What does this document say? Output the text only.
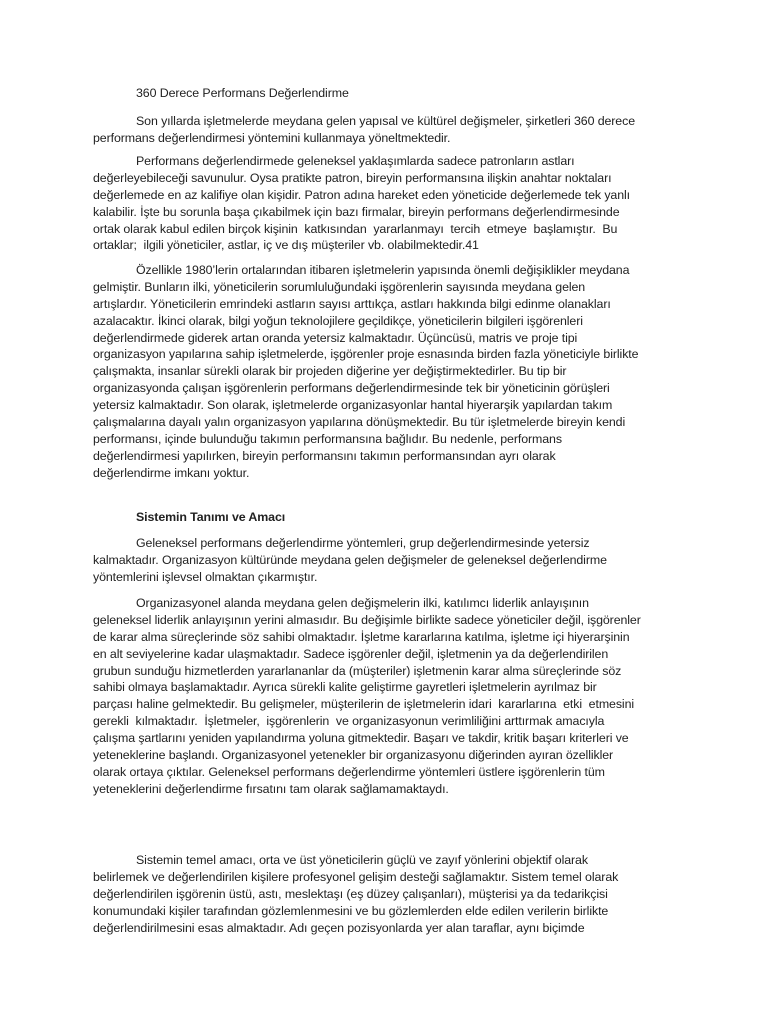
360 Derece Performans Değerlendirme
Son yıllarda işletmelerde meydana gelen yapısal ve kültürel değişmeler, şirketleri 360 derece
performans değerlendirmesi yöntemini kullanmaya yöneltmektedir.
Performans değerlendirmede geleneksel yaklaşımlarda sadece patronların astları
değerleyebileceği savunulur. Oysa pratikte patron, bireyin performansına ilişkin anahtar noktaları
değerlemede en az kalifiye olan kişidir. Patron adına hareket eden yöneticide değerlemede tek yanlı
kalabilir. İşte bu sorunla başa çıkabilmek için bazı firmalar, bireyin performans değerlendirmesinde
ortak olarak kabul edilen birçok kişinin  katkısından  yararlanmayı  tercih  etmeye  başlamıştır.  Bu
ortaklar;  ilgili yöneticiler, astlar, iç ve dış müşteriler vb. olabilmektedir.41
Özellikle 1980’lerin ortalarından itibaren işletmelerin yapısında önemli değişiklikler meydana
gelmiştir. Bunların ilki, yöneticilerin sorumluluğundaki işgörenlerin sayısında meydana gelen
artışlardır. Yöneticilerin emrindeki astların sayısı arttıkça, astları hakkında bilgi edinme olanakları
azalacaktır. İkinci olarak, bilgi yoğun teknolojilere geçildikçe, yöneticilerin bilgileri işgörenleri
değerlendirmede giderek artan oranda yetersiz kalmaktadır. Üçüncüsü, matris ve proje tipi
organizasyon yapılarına sahip işletmelerde, işgörenler proje esnasında birden fazla yöneticiyle birlikte
çalışmakta, insanlar sürekli olarak bir projeden diğerine yer değiştirmektedirler. Bu tip bir
organizasyonda çalışan işgörenlerin performans değerlendirmesinde tek bir yöneticinin görüşleri
yetersiz kalmaktadır. Son olarak, işletmelerde organizasyonlar hantal hiyerarşik yapılardan takım
çalışmalarına dayalı yalın organizasyon yapılarına dönüşmektedir. Bu tür işletmelerde bireyin kendi
performansı, içinde bulunduğu takımın performansına bağlıdır. Bu nedenle, performans
değerlendirmesi yapılırken, bireyin performansını takımın performansından ayrı olarak
değerlendirme imkanı yoktur.
Sistemin Tanımı ve Amacı
Geleneksel performans değerlendirme yöntemleri, grup değerlendirmesinde yetersiz
kalmaktadır. Organizasyon kültüründe meydana gelen değişmeler de geleneksel değerlendirme
yöntemlerini işlevsel olmaktan çıkarmıştır.
Organizasyonel alanda meydana gelen değişmelerin ilki, katılımcı liderlik anlayışının
geleneksel liderlik anlayışının yerini almasıdır. Bu değişimle birlikte sadece yöneticiler değil, işgörenler
de karar alma süreçlerinde söz sahibi olmaktadır. İşletme kararlarına katılma, işletme içi hiyerarşinin
en alt seviyelerine kadar ulaşmaktadır. Sadece işgörenler değil, işletmenin ya da değerlendirilen
grubun sunduğu hizmetlerden yararlananlar da (müşteriler) işletmenin karar alma süreçlerinde söz
sahibi olmaya başlamaktadır. Ayrıca sürekli kalite geliştirme gayretleri işletmelerin ayrılmaz bir
parçası haline gelmektedir. Bu gelişmeler, müşterilerin de işletmelerin idari  kararlarına  etki  etmesini
gerekli  kılmaktadır.  İşletmeler,  işgörenlerin  ve organizasyonun verimliliğini arttırmak amacıyla
çalışma şartlarını yeniden yapılandırma yoluna gitmektedir. Başarı ve takdir, kritik başarı kriterleri ve
yeteneklerine başlandı. Organizasyonel yetenekler bir organizasyonu diğerinden ayıran özellikler
olarak ortaya çıktılar. Geleneksel performans değerlendirme yöntemleri üstlere işgörenlerin tüm
yeteneklerini değerlendirme fırsatını tam olarak sağlamamaktaydı.
Sistemin temel amacı, orta ve üst yöneticilerin güçlü ve zayıf yönlerini objektif olarak
belirlemek ve değerlendirilen kişilere profesyonel gelişim desteği sağlamaktır. Sistem temel olarak
değerlendirilen işgörenin üstü, astı, meslektaşı (eş düzey çalışanları), müşterisi ya da tedarikçisi
konumundaki kişiler tarafından gözlemlenmesini ve bu gözlemlerden elde edilen verilerin birlikte
değerlendirilmesini esas almaktadır. Adı geçen pozisyonlarda yer alan taraflar, aynı biçimde
